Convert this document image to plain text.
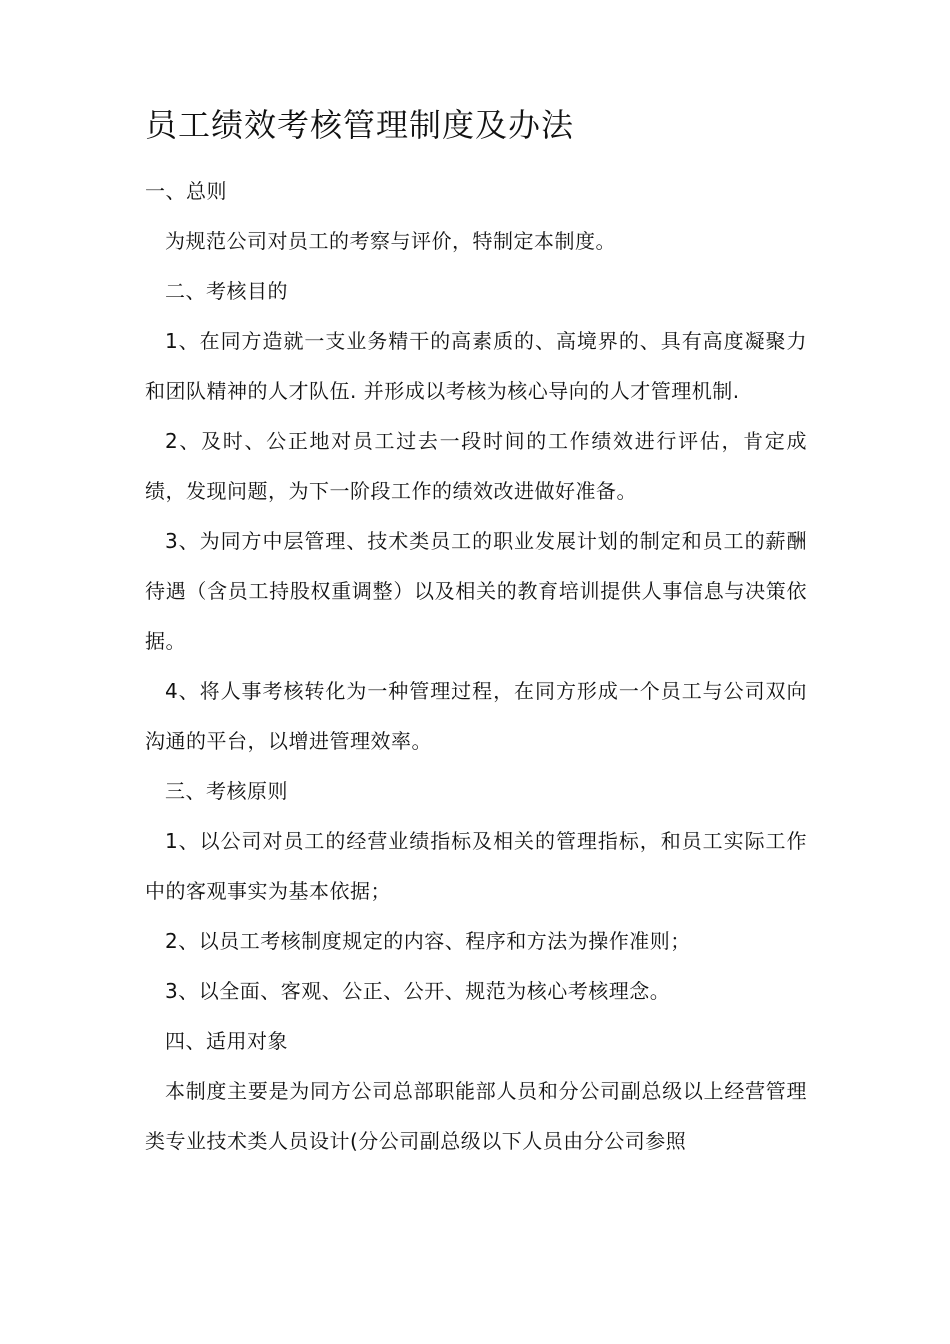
员工绩效考核管理制度及办法

一、总则

为规范公司对员工的考察与评价，特制定本制度。

二、考核目的

1、在同方造就一支业务精干的高素质的、高境界的、具有高度凝聚力和团队精神的人才队伍. 并形成以考核为核心导向的人才管理机制.

2、及时、公正地对员工过去一段时间的工作绩效进行评估，肯定成绩，发现问题，为下一阶段工作的绩效改进做好准备。

3、为同方中层管理、技术类员工的职业发展计划的制定和员工的薪酬待遇（含员工持股权重调整）以及相关的教育培训提供人事信息与决策依据。

4、将人事考核转化为一种管理过程，在同方形成一个员工与公司双向沟通的平台，以增进管理效率。

三、考核原则

1、以公司对员工的经营业绩指标及相关的管理指标，和员工实际工作中的客观事实为基本依据；

2、以员工考核制度规定的内容、程序和方法为操作准则；

3、以全面、客观、公正、公开、规范为核心考核理念。

四、适用对象

本制度主要是为同方公司总部职能部人员和分公司副总级以上经营管理类专业技术类人员设计(分公司副总级以下人员由分公司参照
